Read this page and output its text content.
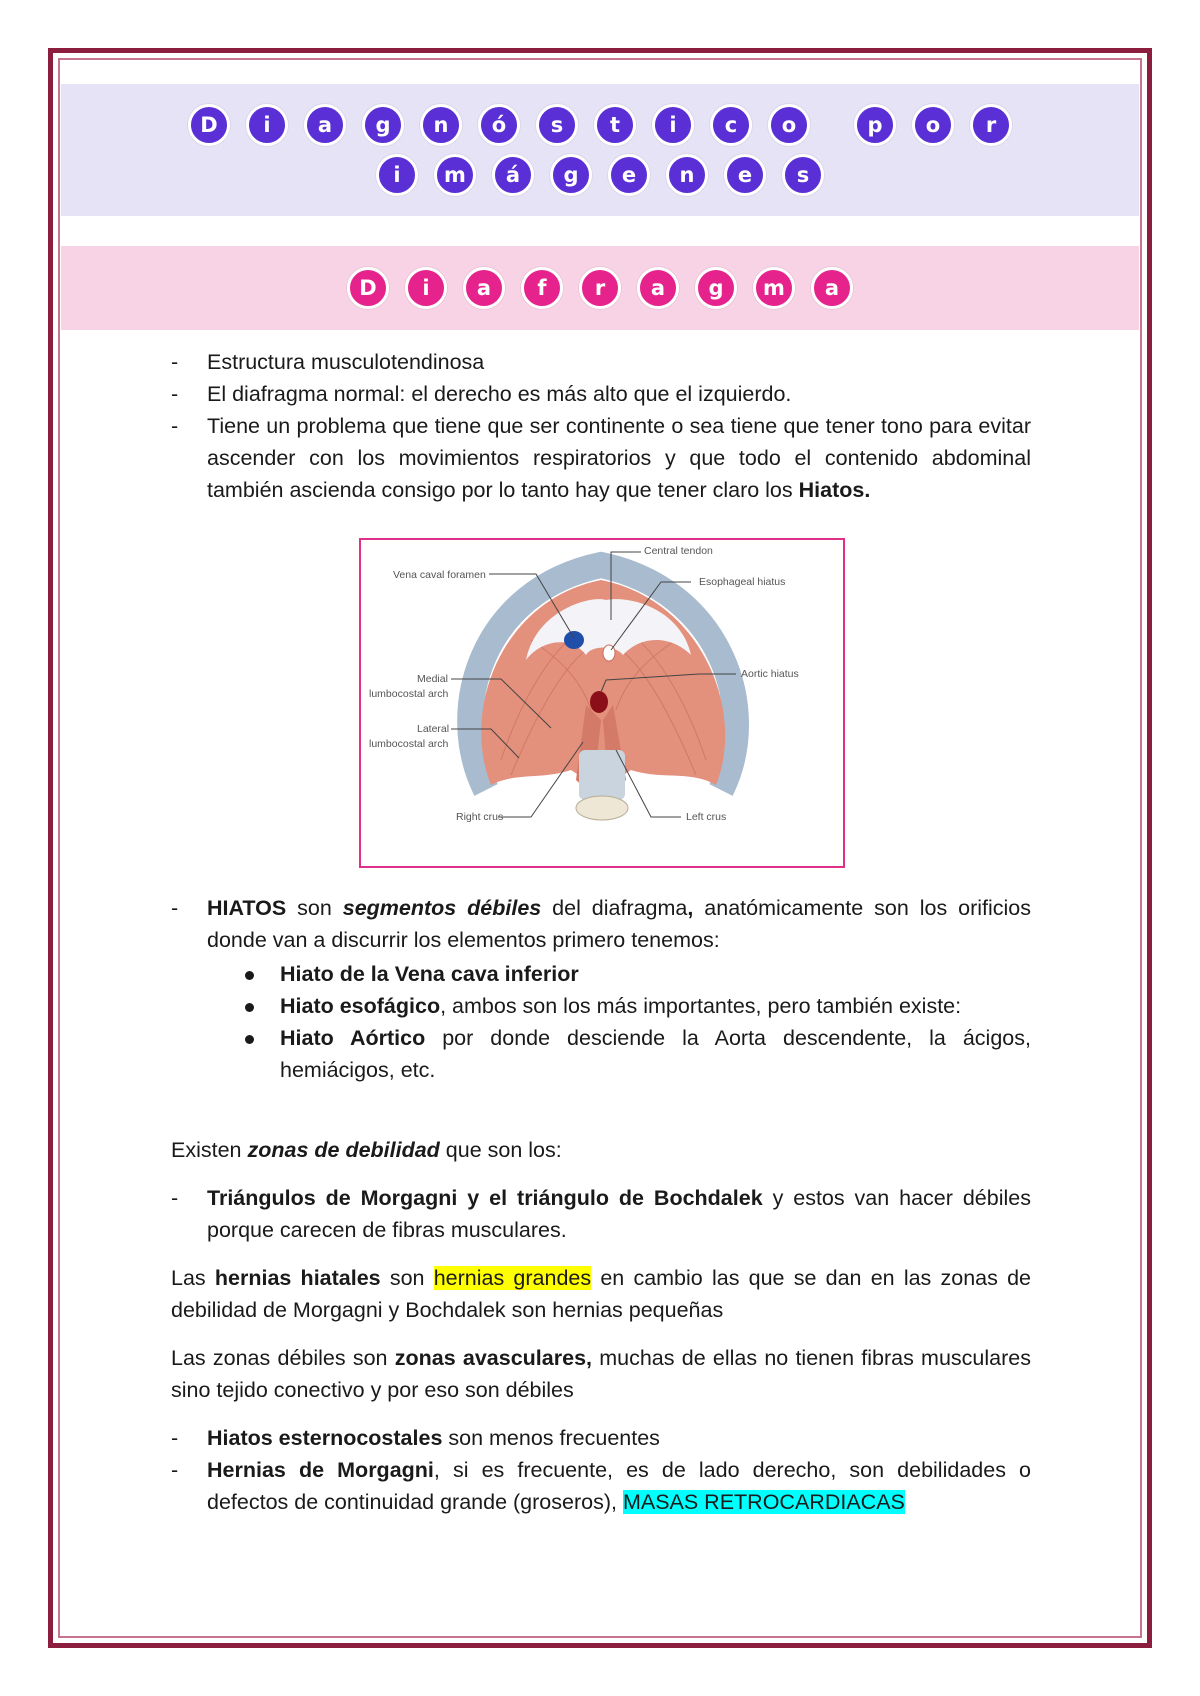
D	i	a	g	n	ó	s	t	i	c	o	p	o	r
i	m	á	g	e	n	e	s
D	i	a	f	r	a	g	m	a
- Estructura musculotendinosa
- El diafragma normal: el derecho es más alto que el izquierdo.
- Tiene un problema que tiene que ser continente o sea tiene que tener tono para evitar ascender con los movimientos respiratorios y que todo el contenido abdominal también ascienda consigo por lo tanto hay que tener claro los Hiatos.
Central tendon
Vena caval foramen
Esophageal hiatus
Aortic hiatus
Medial
lumbocostal arch
Lateral
lumbocostal arch
Right crus	Left crus
- HIATOS son segmentos débiles del diafragma, anatómicamente son los orificios donde van a discurrir los elementos primero tenemos:
Hiato de la Vena cava inferior
Hiato esofágico, ambos son los más importantes, pero también existe:
Hiato Aórtico por donde desciende la Aorta descendente, la ácigos, hemiácigos, etc.

Existen zonas de debilidad que son los:

- Triángulos de Morgagni y el triángulo de Bochdalek y estos van hacer débiles porque carecen de fibras musculares.

Las hernias hiatales son hernias grandes en cambio las que se dan en las zonas de debilidad de Morgagni y Bochdalek son hernias pequeñas

Las zonas débiles son zonas avasculares, muchas de ellas no tienen fibras musculares sino tejido conectivo y por eso son débiles

- Hiatos esternocostales son menos frecuentes
- Hernias de Morgagni, si es frecuente, es de lado derecho, son debilidades o defectos de continuidad grande (groseros), MASAS RETROCARDIACAS
